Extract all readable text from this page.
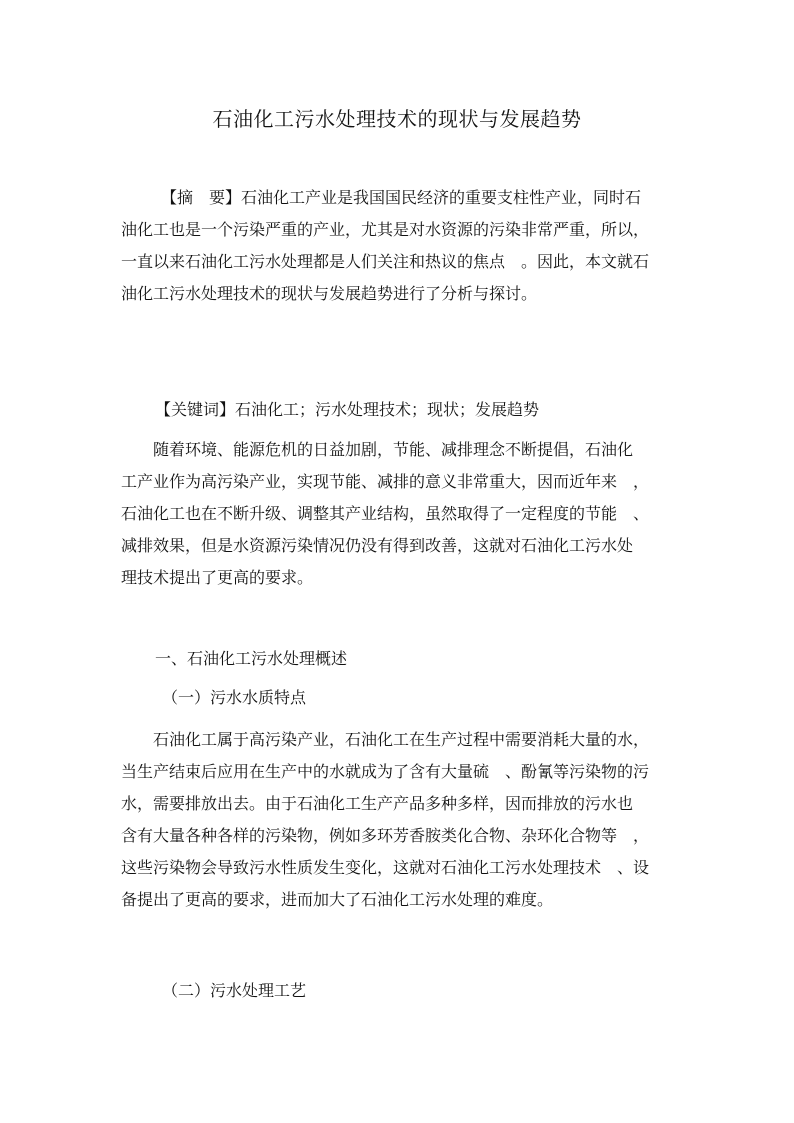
石油化工污水处理技术的现状与发展趋势
【摘　要】石油化工产业是我国国民经济的重要支柱性产业，同时石
油化工也是一个污染严重的产业，尤其是对水资源的污染非常严重，所以，
一直以来石油化工污水处理都是人们关注和热议的焦点　。因此，本文就石
油化工污水处理技术的现状与发展趋势进行了分析与探讨。
【关键词】石油化工；污水处理技术；现状；发展趋势
随着环境、能源危机的日益加剧，节能、减排理念不断提倡，石油化
工产业作为高污染产业，实现节能、减排的意义非常重大，因而近年来　，
石油化工也在不断升级、调整其产业结构，虽然取得了一定程度的节能　、
减排效果，但是水资源污染情况仍没有得到改善，这就对石油化工污水处
理技术提出了更高的要求。

一、石油化工污水处理概述

（一）污水水质特点

石油化工属于高污染产业，石油化工在生产过程中需要消耗大量的水，
当生产结束后应用在生产中的水就成为了含有大量硫　、酚氰等污染物的污
水，需要排放出去。由于石油化工生产产品多种多样，因而排放的污水也
含有大量各种各样的污染物，例如多环芳香胺类化合物、杂环化合物等　，
这些污染物会导致污水性质发生变化，这就对石油化工污水处理技术　、设
备提出了更高的要求，进而加大了石油化工污水处理的难度。

（二）污水处理工艺
